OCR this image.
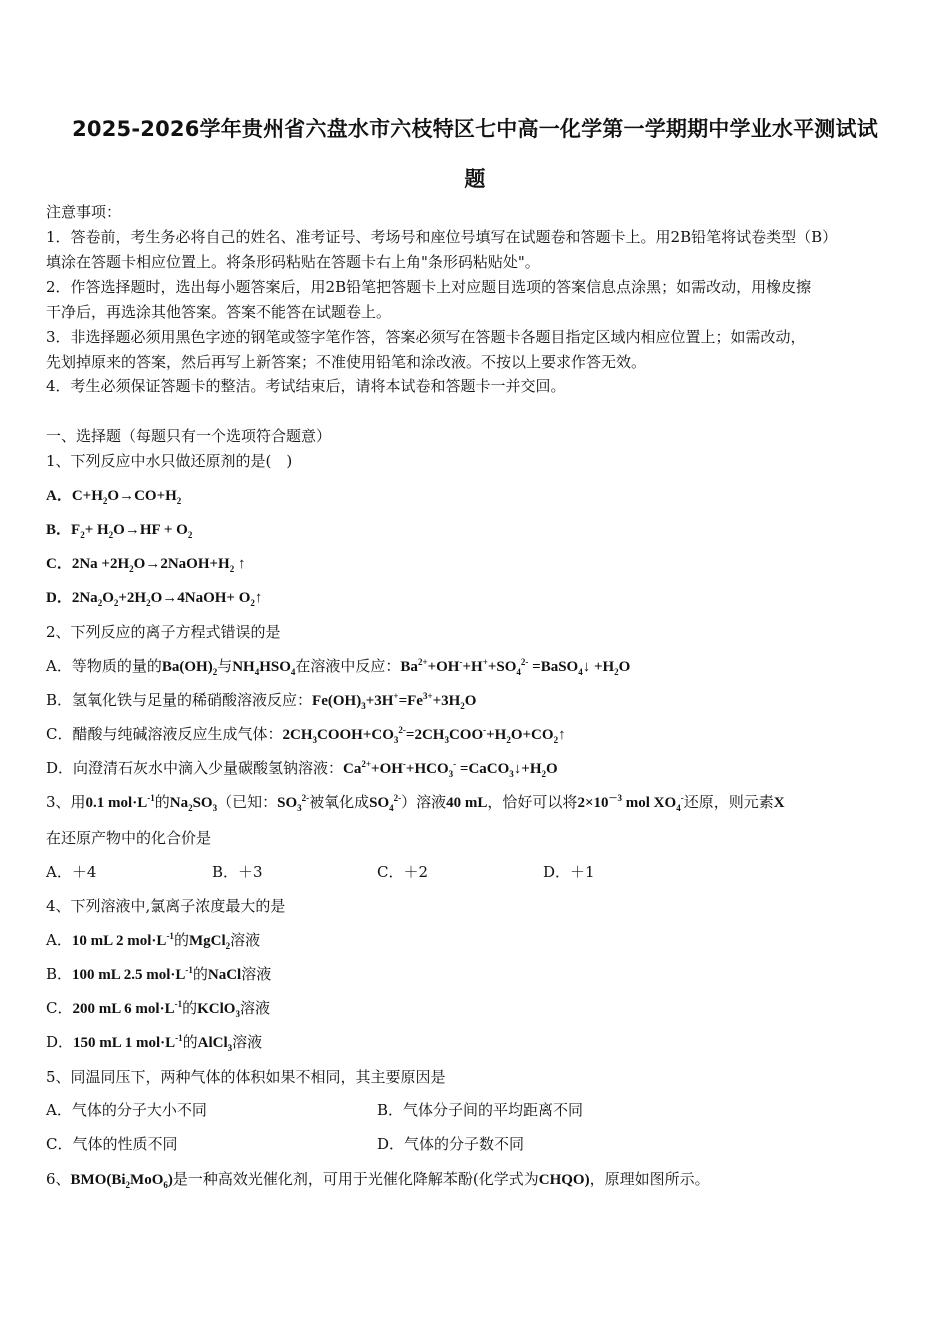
2025-2026学年贵州省六盘水市六枝特区七中高一化学第一学期期中学业水平测试试
题
注意事项：
1．答卷前，考生务必将自己的姓名、准考证号、考场号和座位号填写在试题卷和答题卡上。用2B铅笔将试卷类型（B）
填涂在答题卡相应位置上。将条形码粘贴在答题卡右上角"条形码粘贴处"。
2．作答选择题时，选出每小题答案后，用2B铅笔把答题卡上对应题目选项的答案信息点涂黑；如需改动，用橡皮擦
干净后，再选涂其他答案。答案不能答在试题卷上。
3．非选择题必须用黑色字迹的钢笔或签字笔作答，答案必须写在答题卡各题目指定区域内相应位置上；如需改动，
先划掉原来的答案，然后再写上新答案；不准使用铅笔和涂改液。不按以上要求作答无效。
4．考生必须保证答题卡的整洁。考试结束后，请将本试卷和答题卡一并交回。
一、选择题（每题只有一个选项符合题意）
1、下列反应中水只做还原剂的是(　)
A．$C+H_2O\to CO+H_2$
B．$F_2+ H_2O\to HF + O_2$
C．$2Na +2H_2O\to 2NaOH+H_2$ ↑
D．$2Na_2O_2+2H_2O\to 4NaOH+$ $O_2↑$
2、下列反应的离子方程式错误的是
A．等物质的量的$Ba(OH)_2$与$NH_4HSO_4$在溶液中反应：$Ba^{2+}+OH^-+H^++SO_4^{2-}$ =BaSO$_4$↓ $+H_2O$
B．氢氧化铁与足量的稀硝酸溶液反应：$Fe(OH)_3+3H^+=Fe^{3+}+3H_2O$
C．醋酸与纯碱溶液反应生成气体：$2CH_3COOH+CO_3^{2-}=2CH_3COO^-+H_2O+CO_2↑$
D．向澄清石灰水中滴入少量碳酸氢钠溶液：$Ca^{2+}+OH^-+HCO_3^-$ $=CaCO_3↓+H_2O$
3、用0.1 $mol\cdot L^{-1}$的$Na_2SO_3$（已知：$SO_3^{2-}$被氧化成$SO_4^{2-}$）溶液40 mL，恰好可以将$2\times 10^{-3}$ mol $XO_4^-$还原，则元素X
在还原产物中的化合价是
A．＋4	B．＋3	C．＋2	D．＋1
4、下列溶液中,氯离子浓度最大的是
A．10 mL 2 $mol\cdot L^{-1}$的MgCl$_2$溶液
B．100 mL 2.5 $mol\cdot L^{-1}$的NaCl溶液
C．200 mL 6 $mol\cdot L^{-1}$的KClO$_3$溶液
D．150 mL 1 $mol\cdot L^{-1}$的AlCl$_3$溶液
5、同温同压下，两种气体的体积如果不相同，其主要原因是
A．气体的分子大小不同	B．气体分子间的平均距离不同
C．气体的性质不同	D．气体的分子数不同
6、$BMO(Bi_2MoO_6)$是一种高效光催化剂，可用于光催化降解苯酚(化学式为CHQO)，原理如图所示。
